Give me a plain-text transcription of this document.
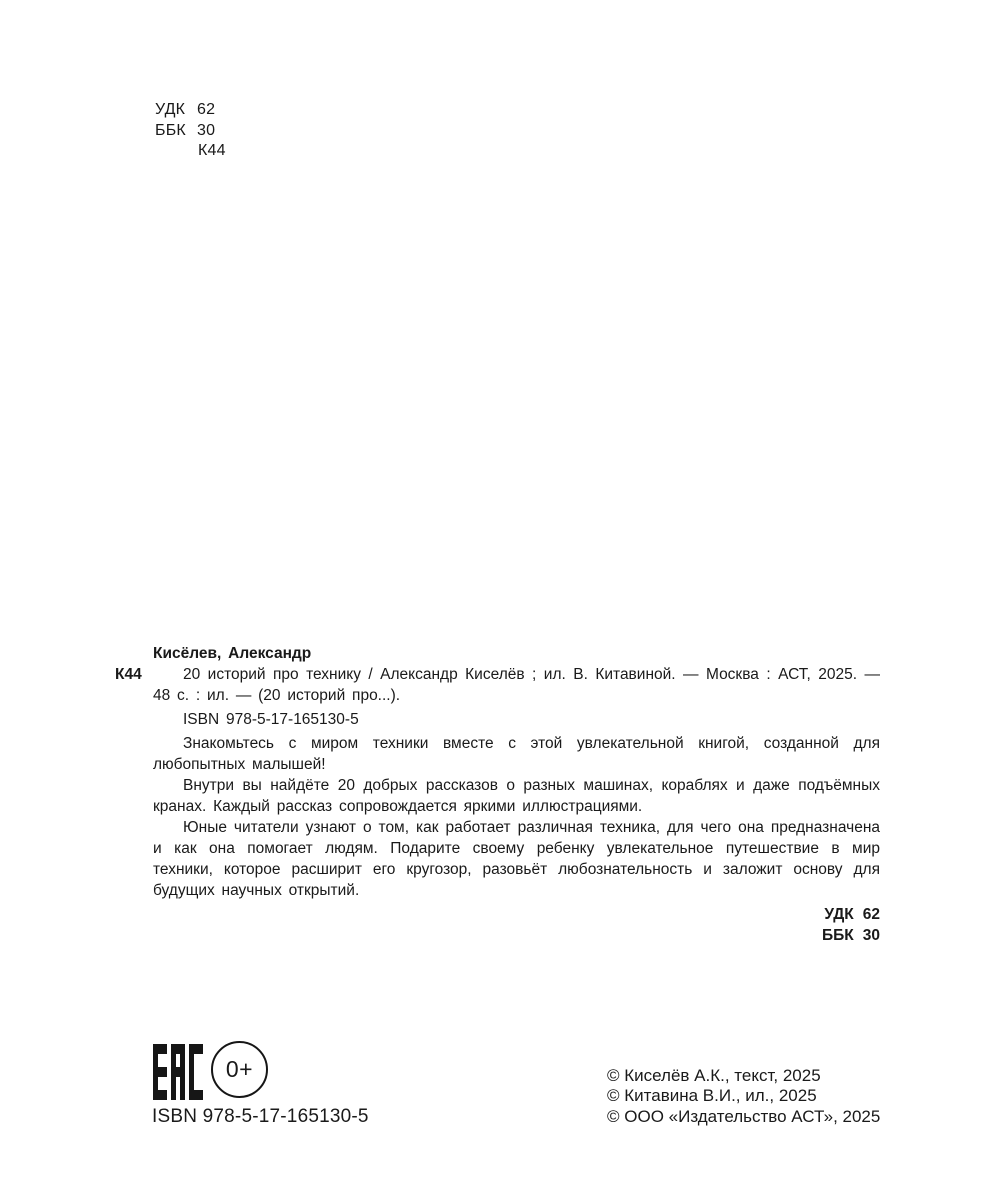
УДК 62
ББК 30
К44

Кисёлев, Александр

К44	20 историй про технику / Александр Киселёв ; ил. В. Китавиной. — Москва : АСТ, 2025. — 48 с. : ил. — (20 историй про...).

ISBN 978-5-17-165130-5

Знакомьтесь с миром техники вместе с этой увлекательной книгой, созданной для любопытных малышей!

Внутри вы найдёте 20 добрых рассказов о разных машинах, кораблях и даже подъёмных кранах. Каждый рассказ сопровождается яркими иллюстрациями.

Юные читатели узнают о том, как работает различная техника, для чего она предназначена и как она помогает людям. Подарите своему ребенку увлекательное путешествие в мир техники, которое расширит его кругозор, разовьёт любознательность и заложит основу для будущих научных открытий.

УДК 62

ББК 30

0+
ISBN 978-5-17-165130-5
© Киселёв А.К., текст, 2025
© Китавина В.И., ил., 2025
© ООО «Издательство АСТ», 2025
